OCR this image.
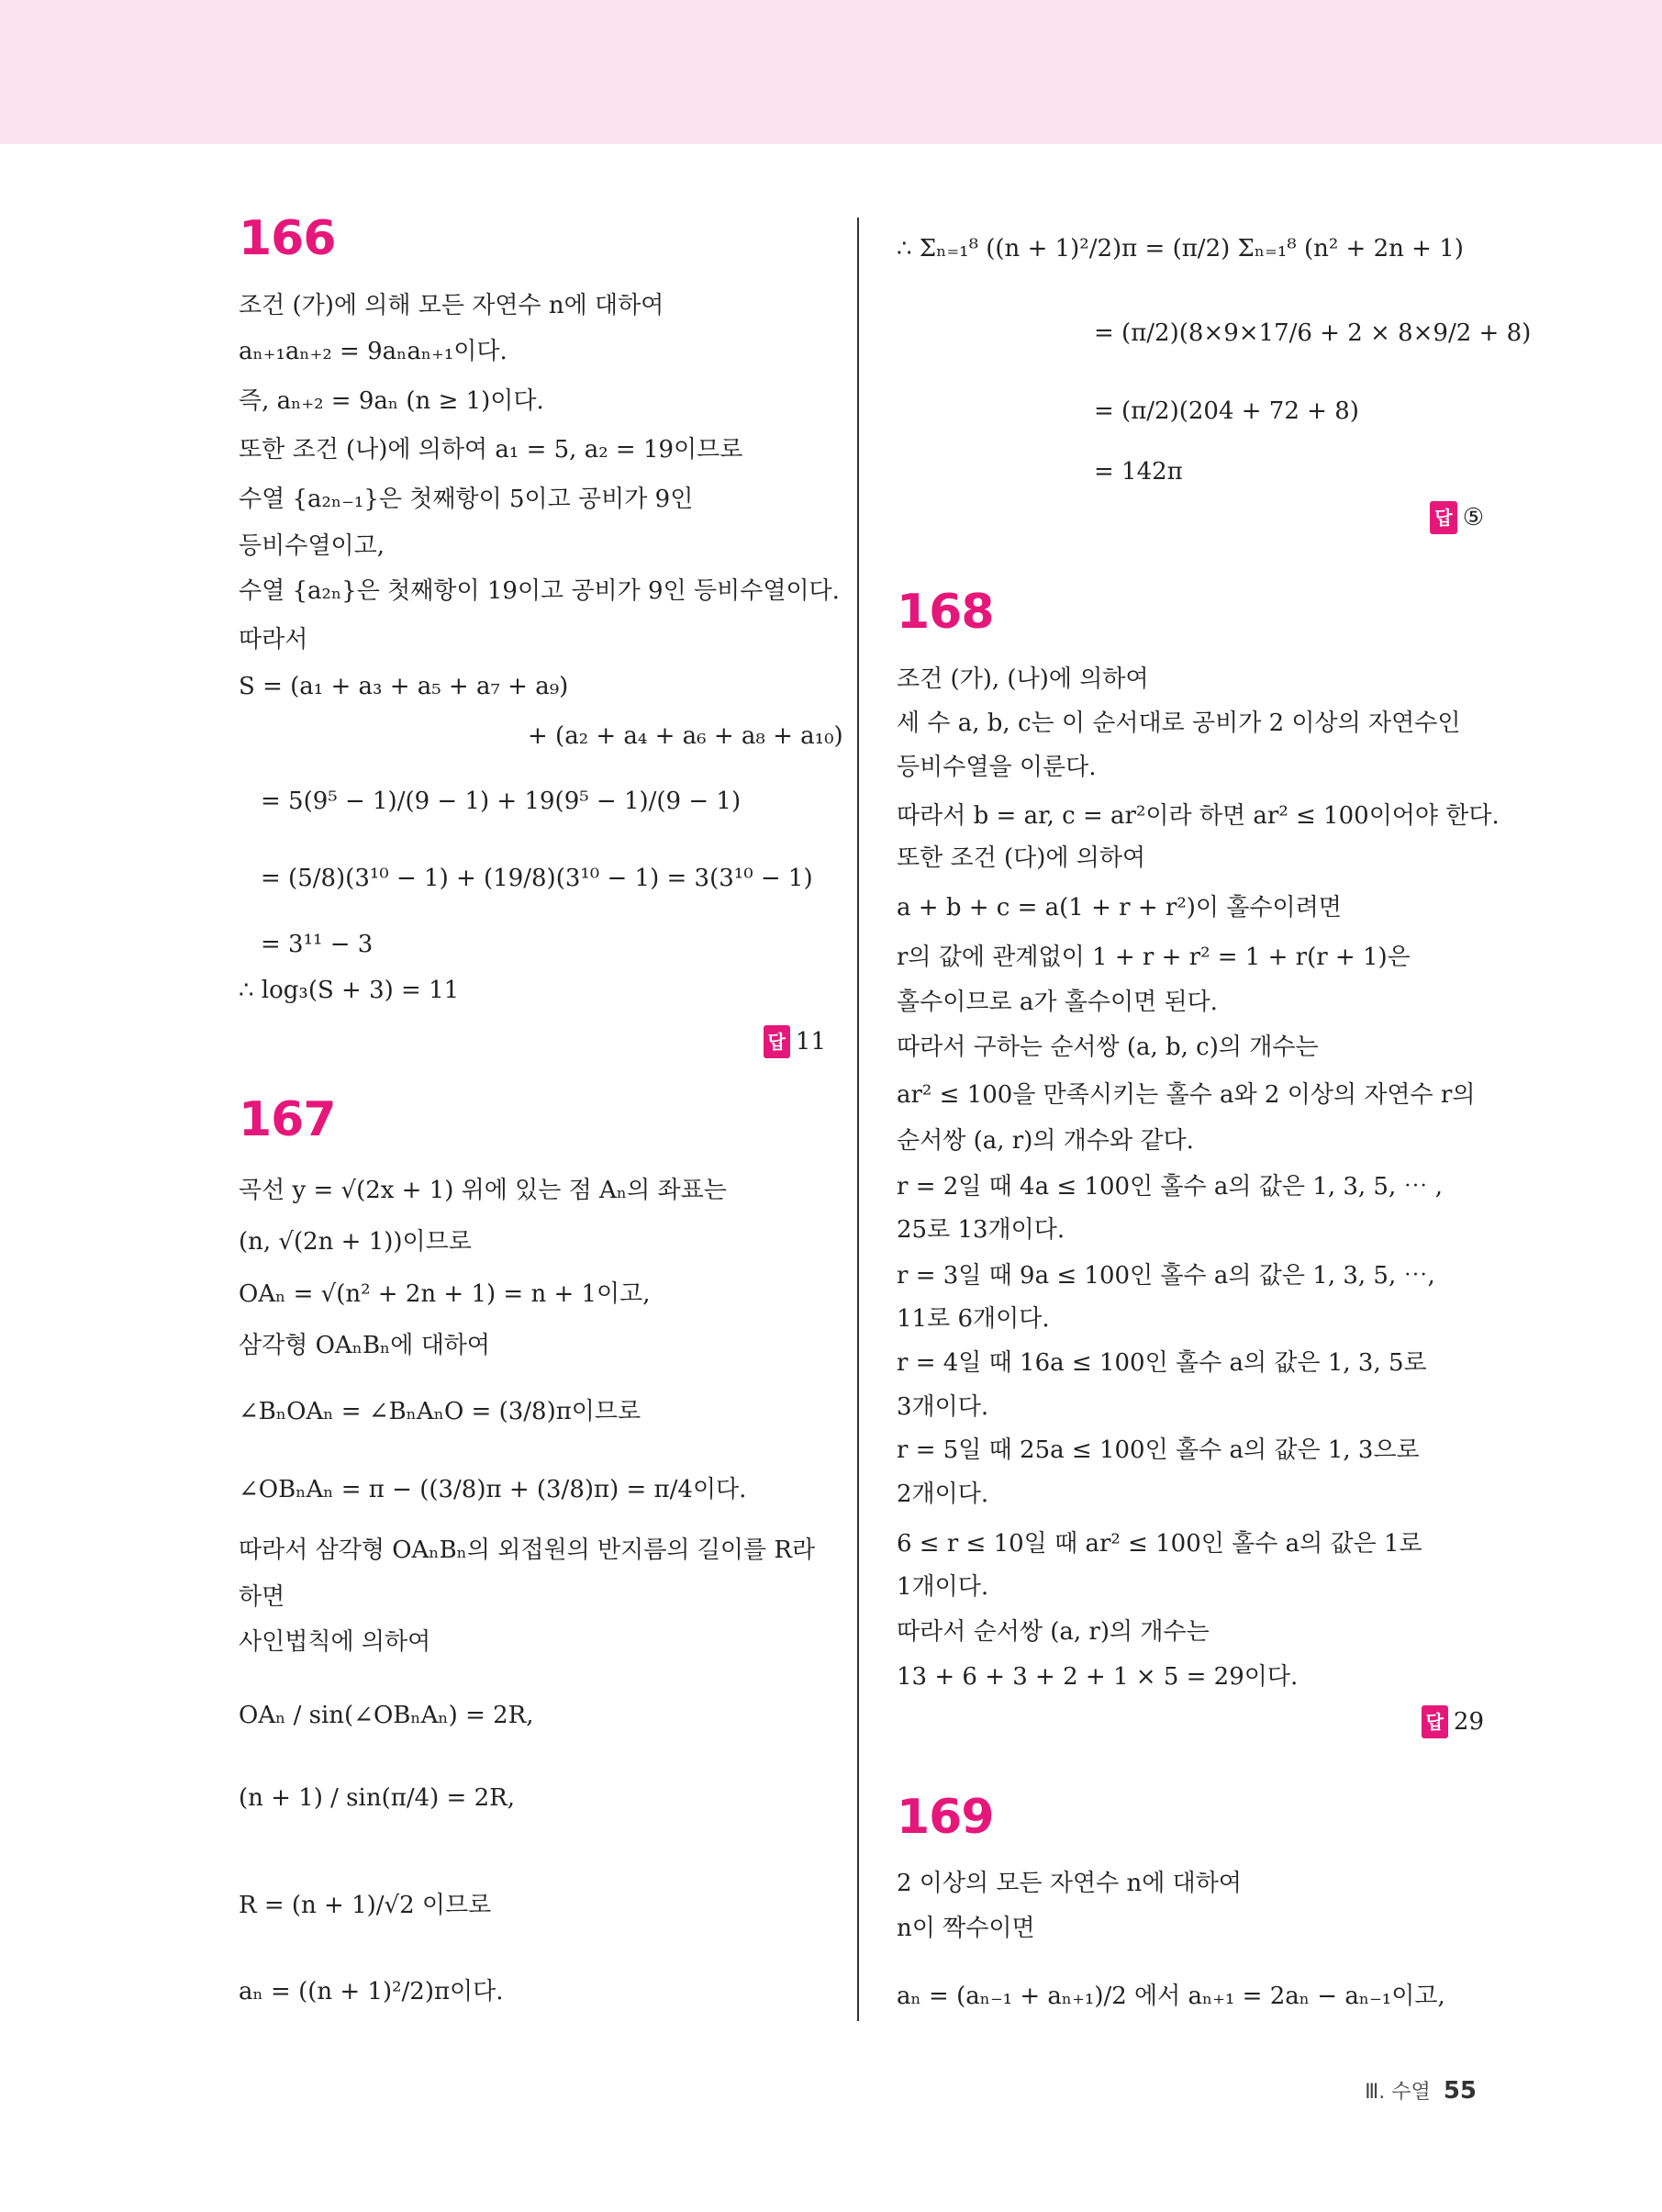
166
조건 (가)에 의해 모든 자연수 n에 대하여
aₙ₊₁aₙ₊₂ = 9aₙaₙ₊₁이다.
즉, aₙ₊₂ = 9aₙ (n ≥ 1)이다.
또한 조건 (나)에 의하여 a₁ = 5, a₂ = 19이므로
수열 {a₂ₙ₋₁}은 첫째항이 5이고 공비가 9인
등비수열이고,
수열 {a₂ₙ}은 첫째항이 19이고 공비가 9인 등비수열이다.
따라서
S = (a₁ + a₃ + a₅ + a₇ + a₉)
+ (a₂ + a₄ + a₆ + a₈ + a₁₀)
= 5(9⁵ − 1)/(9 − 1) + 19(9⁵ − 1)/(9 − 1)
= (5/8)(3¹⁰ − 1) + (19/8)(3¹⁰ − 1) = 3(3¹⁰ − 1)
= 3¹¹ − 3
∴ log₃(S + 3) = 11
답 11
167
곡선 y = √(2x + 1) 위에 있는 점 Aₙ의 좌표는
(n, √(2n + 1))이므로
OAₙ = √(n² + 2n + 1) = n + 1이고,
삼각형 OAₙBₙ에 대하여
∠BₙOAₙ = ∠BₙAₙO = (3/8)π이므로
∠OBₙAₙ = π − ((3/8)π + (3/8)π) = π/4이다.
따라서 삼각형 OAₙBₙ의 외접원의 반지름의 길이를 R라
하면
사인법칙에 의하여
OAₙ / sin(∠OBₙAₙ) = 2R,
(n + 1) / sin(π/4) = 2R,
R = (n + 1)/√2 이므로
aₙ = ((n + 1)²/2)π이다.
∴ Σₙ₌₁⁸ ((n + 1)²/2)π = (π/2) Σₙ₌₁⁸ (n² + 2n + 1)
= (π/2)(8×9×17/6 + 2 × 8×9/2 + 8)
= (π/2)(204 + 72 + 8)
= 142π
답 ⑤
168
조건 (가), (나)에 의하여
세 수 a, b, c는 이 순서대로 공비가 2 이상의 자연수인
등비수열을 이룬다.
따라서 b = ar, c = ar²이라 하면 ar² ≤ 100이어야 한다.
또한 조건 (다)에 의하여
a + b + c = a(1 + r + r²)이 홀수이려면
r의 값에 관계없이 1 + r + r² = 1 + r(r + 1)은
홀수이므로 a가 홀수이면 된다.
따라서 구하는 순서쌍 (a, b, c)의 개수는
ar² ≤ 100을 만족시키는 홀수 a와 2 이상의 자연수 r의
순서쌍 (a, r)의 개수와 같다.
r = 2일 때 4a ≤ 100인 홀수 a의 값은 1, 3, 5, ⋯ ,
25로 13개이다.
r = 3일 때 9a ≤ 100인 홀수 a의 값은 1, 3, 5, ⋯,
11로 6개이다.
r = 4일 때 16a ≤ 100인 홀수 a의 값은 1, 3, 5로
3개이다.
r = 5일 때 25a ≤ 100인 홀수 a의 값은 1, 3으로
2개이다.
6 ≤ r ≤ 10일 때 ar² ≤ 100인 홀수 a의 값은 1로
1개이다.
따라서 순서쌍 (a, r)의 개수는
13 + 6 + 3 + 2 + 1 × 5 = 29이다.
답 29
169
2 이상의 모든 자연수 n에 대하여
n이 짝수이면
aₙ = (aₙ₋₁ + aₙ₊₁)/2 에서 aₙ₊₁ = 2aₙ − aₙ₋₁이고,
Ⅲ. 수열 55
